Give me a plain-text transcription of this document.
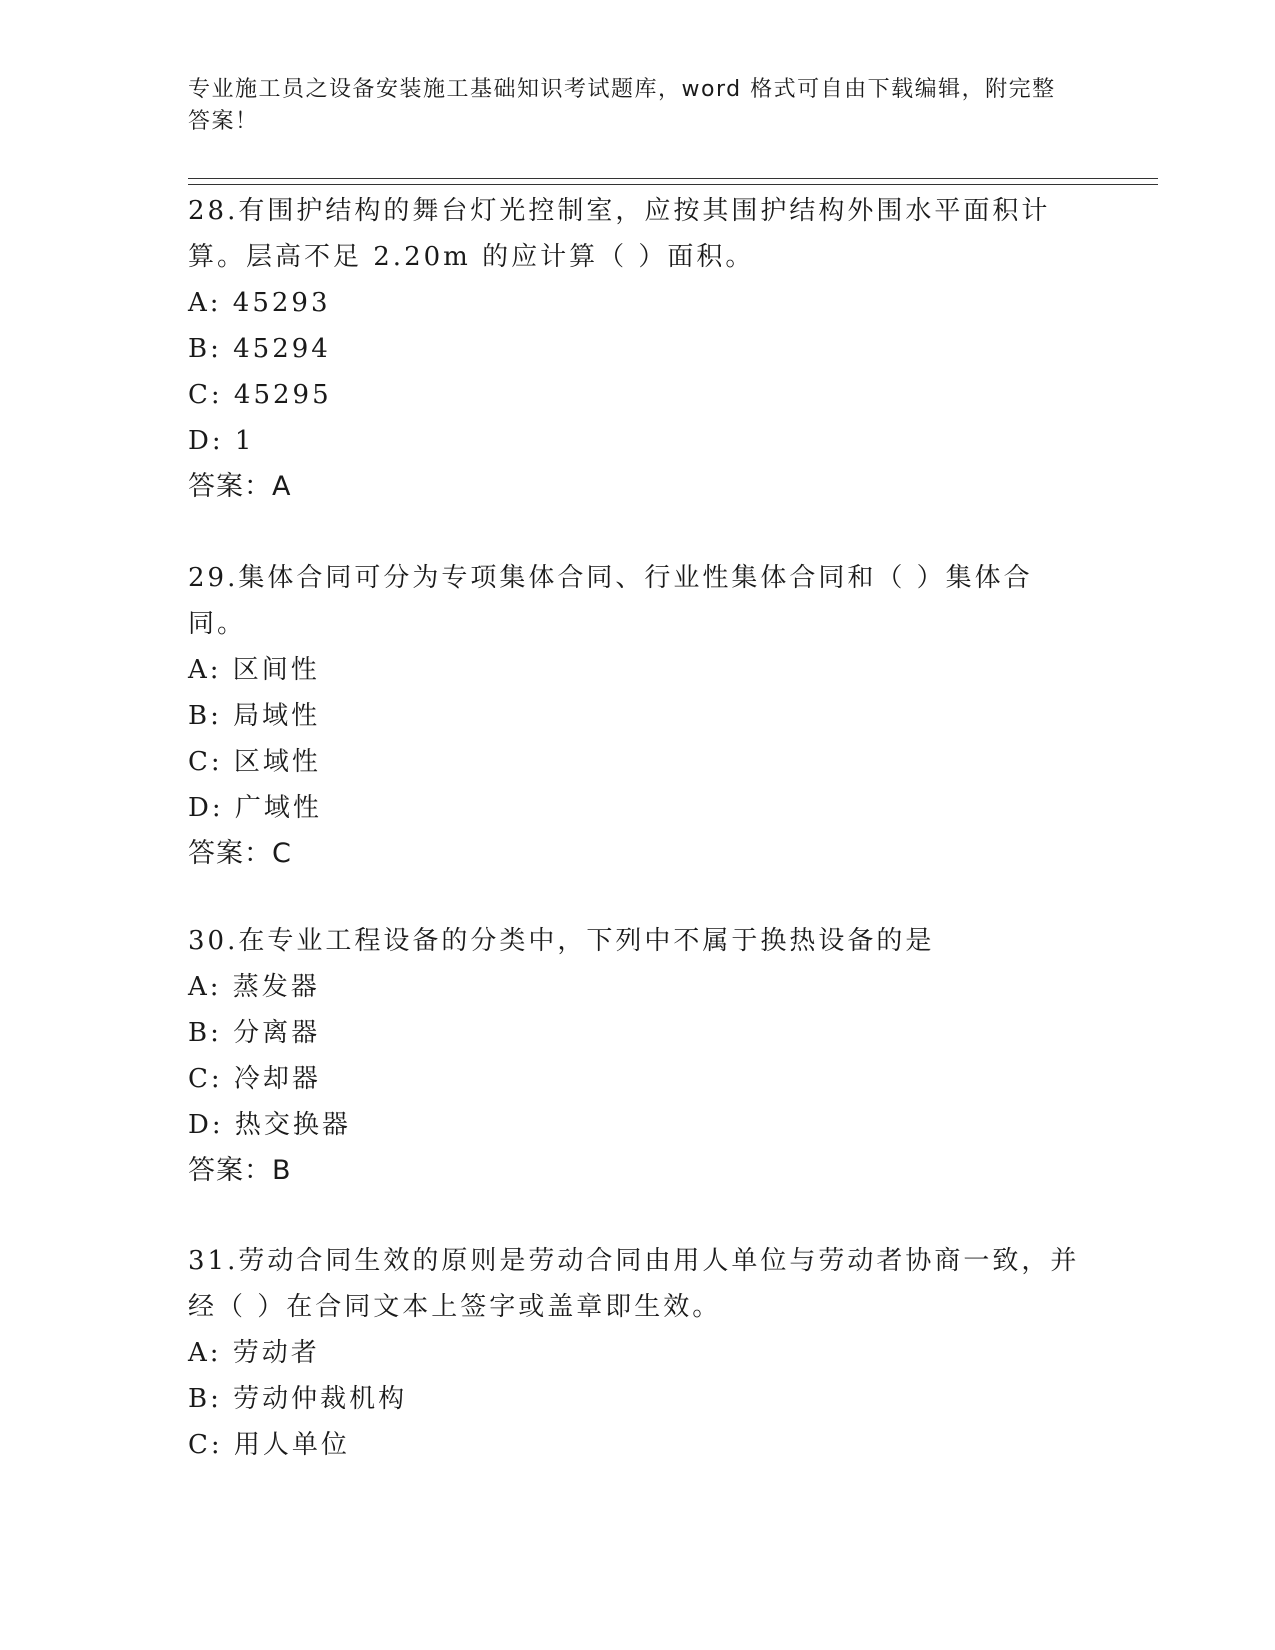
专业施工员之设备安装施工基础知识考试题库，word 格式可自由下载编辑，附完整答案！

28.有围护结构的舞台灯光控制室，应按其围护结构外围水平面积计算。层高不足 2.20m 的应计算（ ）面积。

A: 45293

B: 45294

C: 45295

D: 1

答案：A

29.集体合同可分为专项集体合同、行业性集体合同和（ ）集体合同。

A: 区间性

B: 局域性

C: 区域性

D: 广域性

答案：C

30.在专业工程设备的分类中，下列中不属于换热设备的是

A: 蒸发器

B: 分离器

C: 冷却器

D: 热交换器

答案：B

31.劳动合同生效的原则是劳动合同由用人单位与劳动者协商一致，并经（ ）在合同文本上签字或盖章即生效。

A: 劳动者

B: 劳动仲裁机构

C: 用人单位
